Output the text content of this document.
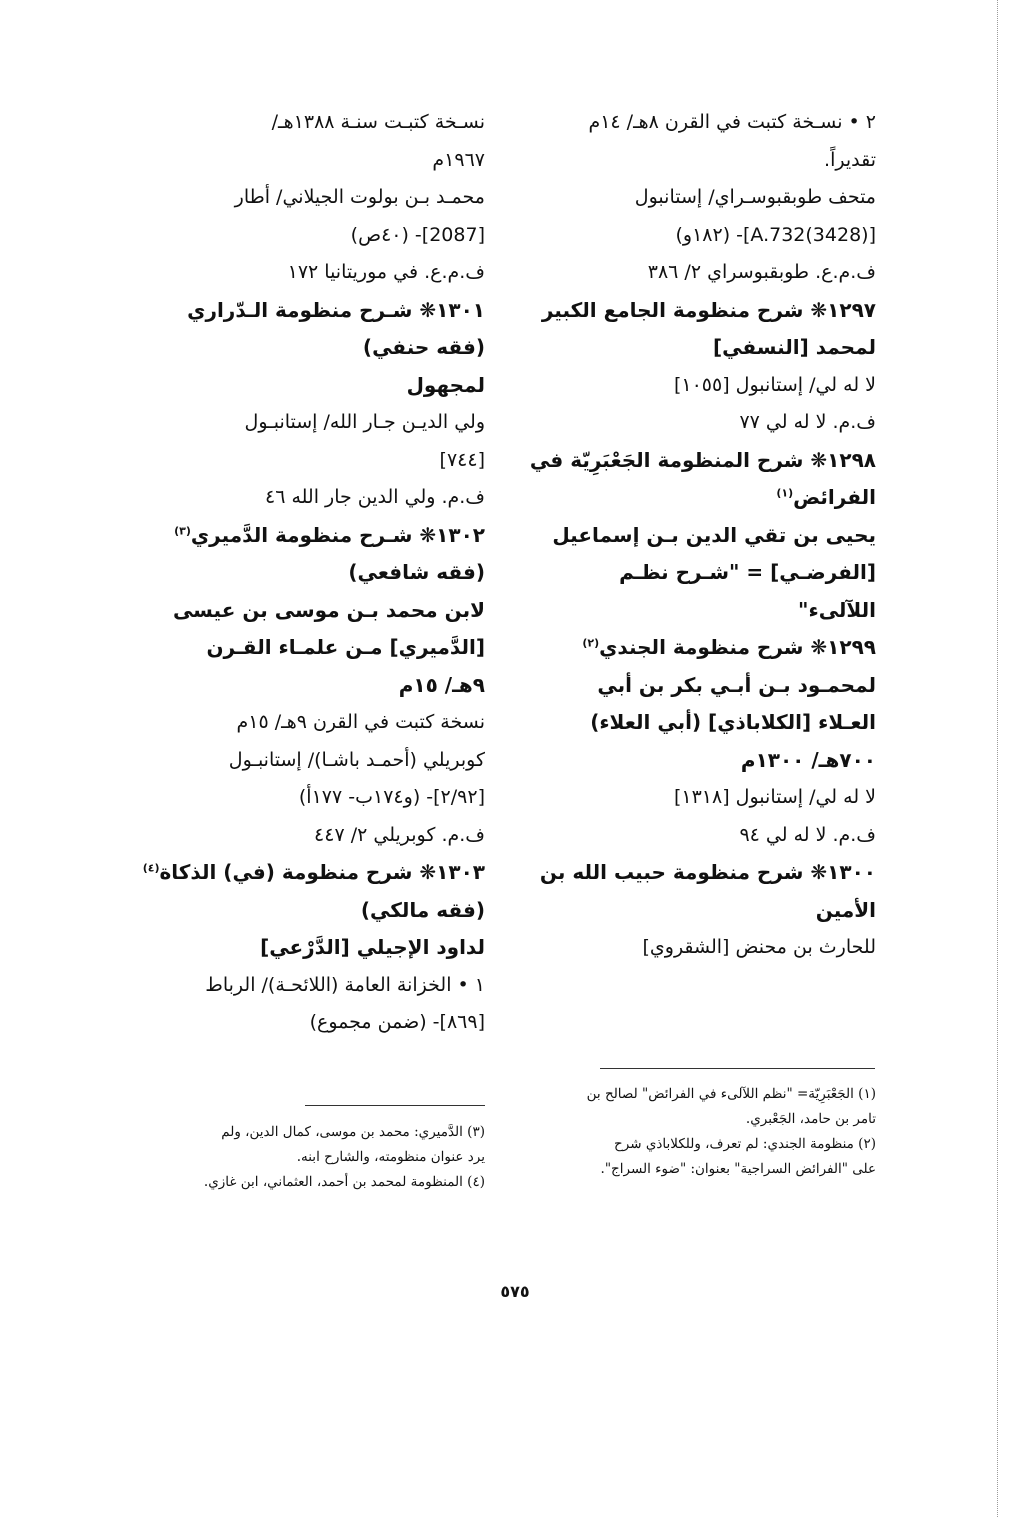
٢ • نسـخة كتبت في القرن ٨هـ/ ١٤م
تقديراً.
متحف طوبقبوسـراي/ إستانبول
[A.732(3428)]- (١٨٢و)
ف.م.ع. طوبقبوسراي ٢/ ٣٨٦
١٢٩٧❋ شرح منظومة الجامع الكبير
لمحمد [النسفي]
لا له لي/ إستانبول [١٠٥٥]
ف.م. لا له لي ٧٧
١٢٩٨❋ شرح المنظومة الجَعْبَرِيّة في
الفرائض$^{(١)}$
يحيى بن تقي الدين بـن إسماعيل
[الفرضـي] = "شـرح نظـم
اللآلىء"
١٢٩٩❋ شرح منظومة الجندي$^{(٢)}$
لمحمـود بـن أبـي بكر بن أبي
العـلاء [الكلاباذي] (أبي العلاء)
٧٠٠هـ/ ١٣٠٠م
لا له لي/ إستانبول [١٣١٨]
ف.م. لا له لي ٩٤
١٣٠٠❋ شرح منظومة حبيب الله بن
الأمين
للحارث بن محنض [الشقروي]
نسـخة كتبـت سنـة ١٣٨٨هـ/
١٩٦٧م
محمـد بـن بولوت الجيلاني/ أطار
[2087]- (٤٠ص)
ف.م.ع. في موريتانيا ١٧٢
١٣٠١❋ شـرح منظومة الـدّراري
(فقه حنفي)
لمجهول
ولي الديـن جـار الله/ إستانبـول
[٧٤٤]
ف.م. ولي الدين جار الله ٤٦
١٣٠٢❋ شـرح منظومة الدَّميري$^{(٣)}$
(فقه شافعي)
لابن محمد بـن موسى بن عيسى
[الدَّميري] مـن علمـاء القـرن
٩هـ/ ١٥م
نسخة كتبت في القرن ٩هـ/ ١٥م
كوبريلي (أحمـد باشـا)/ إستانبـول
[٢/٩٢]- (و١٧٤ب- ١٧٧أ)
ف.م. كوبريلي ٢/ ٤٤٧
١٣٠٣❋ شرح منظومة (في) الذكاة$^{(٤)}$
(فقه مالكي)
لداود الإجيلي [الدَّرْعي]
١ • الخزانة العامة (اللائحـة)/ الرباط
[٨٦٩]- (ضمن مجموع)
(١) الجَعْبَرِيّة= "نظم اللآلىء في الفرائض" لصالح بن
تامر بن حامد، الجَعْبري.
(٢) منظومة الجندي: لم تعرف، وللكلاباذي شرح
على "الفرائض السراجية" بعنوان: "ضوء السراج".
(٣) الدَّميري: محمد بن موسى، كمال الدين، ولم
يرد عنوان منظومته، والشارح ابنه.
(٤) المنظومة لمحمد بن أحمد، العثماني، ابن غازي.
٥٧٥
